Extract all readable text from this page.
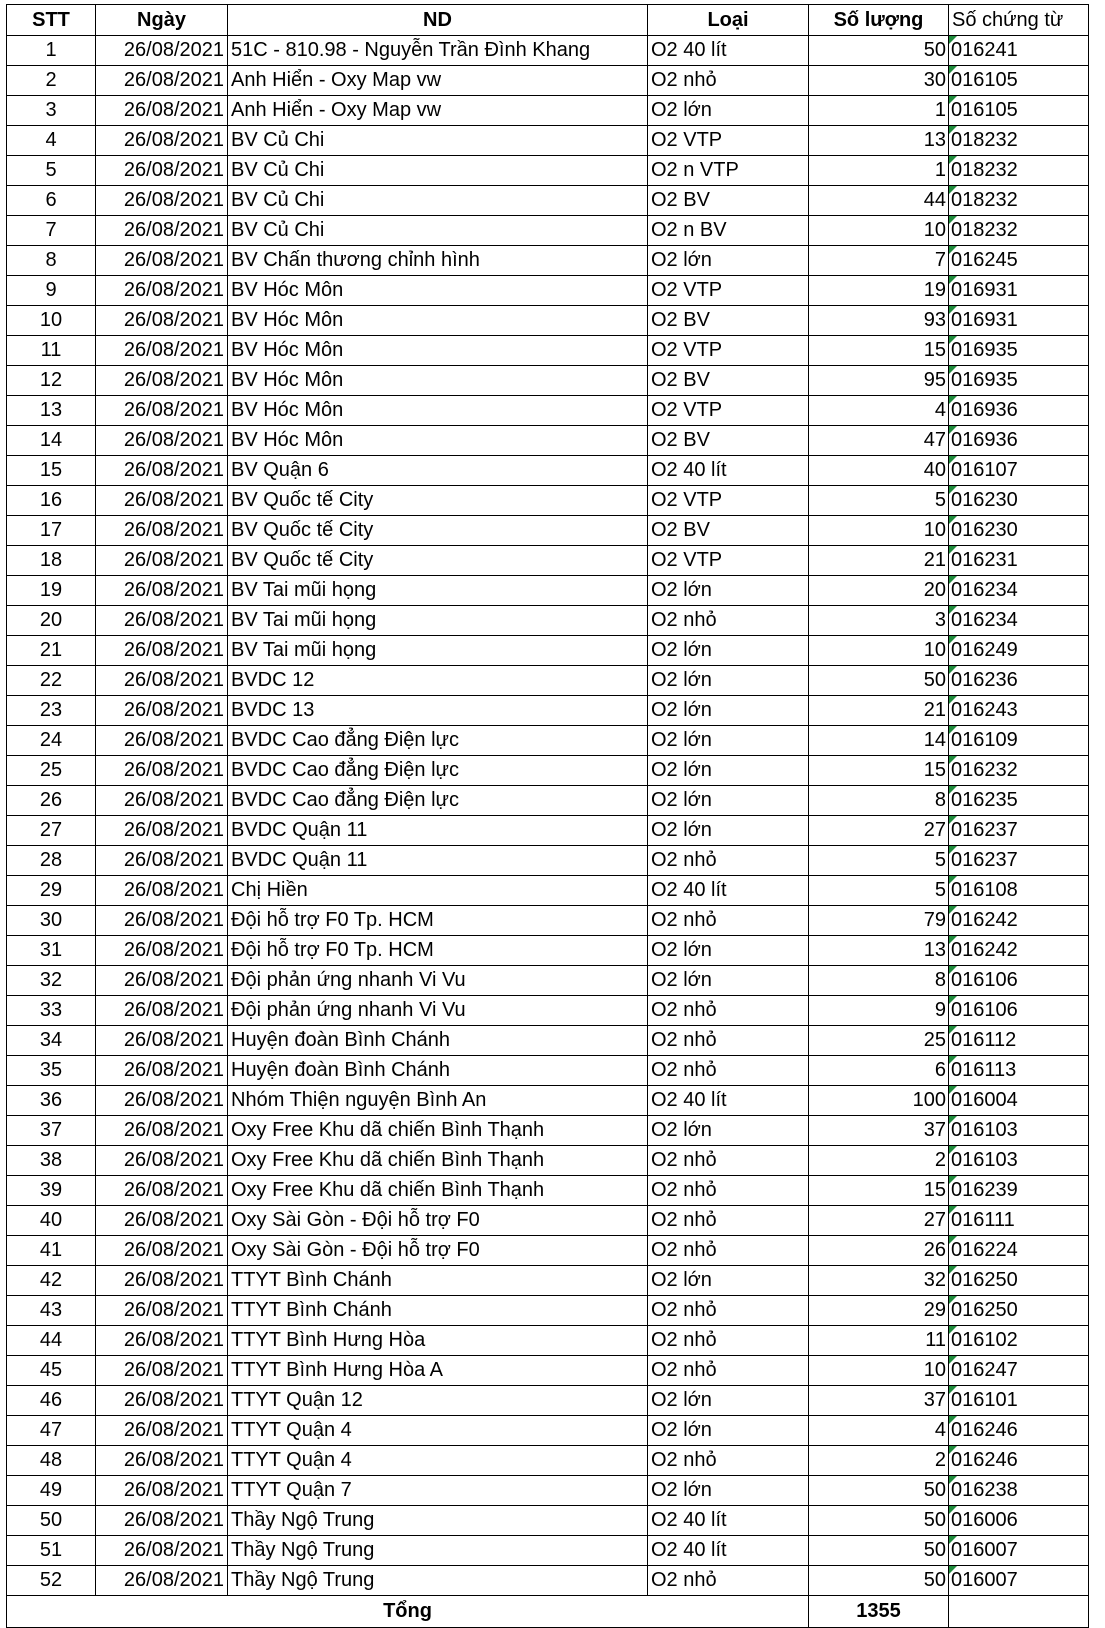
STT	Ngày	ND	Loại	Số lượng	Số chứng từ
1	26/08/2021	51C - 810.98 - Nguyễn Trần Đình Khang	O2 40 lít	50	016241
2	26/08/2021	Anh Hiển - Oxy Map vw	O2 nhỏ	30	016105
3	26/08/2021	Anh Hiển - Oxy Map vw	O2 lớn	1	016105
4	26/08/2021	BV Củ Chi	O2 VTP	13	018232
5	26/08/2021	BV Củ Chi	O2 n VTP	1	018232
6	26/08/2021	BV Củ Chi	O2 BV	44	018232
7	26/08/2021	BV Củ Chi	O2 n BV	10	018232
8	26/08/2021	BV Chấn thương chỉnh hình	O2 lớn	7	016245
9	26/08/2021	BV Hóc Môn	O2 VTP	19	016931
10	26/08/2021	BV Hóc Môn	O2 BV	93	016931
11	26/08/2021	BV Hóc Môn	O2 VTP	15	016935
12	26/08/2021	BV Hóc Môn	O2 BV	95	016935
13	26/08/2021	BV Hóc Môn	O2 VTP	4	016936
14	26/08/2021	BV Hóc Môn	O2 BV	47	016936
15	26/08/2021	BV Quận 6	O2 40 lít	40	016107
16	26/08/2021	BV Quốc tế City	O2 VTP	5	016230
17	26/08/2021	BV Quốc tế City	O2 BV	10	016230
18	26/08/2021	BV Quốc tế City	O2 VTP	21	016231
19	26/08/2021	BV Tai mũi họng	O2 lớn	20	016234
20	26/08/2021	BV Tai mũi họng	O2 nhỏ	3	016234
21	26/08/2021	BV Tai mũi họng	O2 lớn	10	016249
22	26/08/2021	BVDC 12	O2 lớn	50	016236
23	26/08/2021	BVDC 13	O2 lớn	21	016243
24	26/08/2021	BVDC Cao đẳng Điện lực	O2 lớn	14	016109
25	26/08/2021	BVDC Cao đẳng Điện lực	O2 lớn	15	016232
26	26/08/2021	BVDC Cao đẳng Điện lực	O2 lớn	8	016235
27	26/08/2021	BVDC Quận 11	O2 lớn	27	016237
28	26/08/2021	BVDC Quận 11	O2 nhỏ	5	016237
29	26/08/2021	Chị Hiền	O2 40 lít	5	016108
30	26/08/2021	Đội hỗ trợ F0 Tp. HCM	O2 nhỏ	79	016242
31	26/08/2021	Đội hỗ trợ F0 Tp. HCM	O2 lớn	13	016242
32	26/08/2021	Đội phản ứng nhanh Vi Vu	O2 lớn	8	016106
33	26/08/2021	Đội phản ứng nhanh Vi Vu	O2 nhỏ	9	016106
34	26/08/2021	Huyện đoàn Bình Chánh	O2 nhỏ	25	016112
35	26/08/2021	Huyện đoàn Bình Chánh	O2 nhỏ	6	016113
36	26/08/2021	Nhóm Thiện nguyện Bình An	O2 40 lít	100	016004
37	26/08/2021	Oxy Free Khu dã chiến Bình Thạnh	O2 lớn	37	016103
38	26/08/2021	Oxy Free Khu dã chiến Bình Thạnh	O2 nhỏ	2	016103
39	26/08/2021	Oxy Free Khu dã chiến Bình Thạnh	O2 nhỏ	15	016239
40	26/08/2021	Oxy Sài Gòn - Đội hỗ trợ F0	O2 nhỏ	27	016111
41	26/08/2021	Oxy Sài Gòn - Đội hỗ trợ F0	O2 nhỏ	26	016224
42	26/08/2021	TTYT Bình Chánh	O2 lớn	32	016250
43	26/08/2021	TTYT Bình Chánh	O2 nhỏ	29	016250
44	26/08/2021	TTYT Bình Hưng Hòa	O2 nhỏ	11	016102
45	26/08/2021	TTYT Bình Hưng Hòa A	O2 nhỏ	10	016247
46	26/08/2021	TTYT Quận 12	O2 lớn	37	016101
47	26/08/2021	TTYT Quận 4	O2 lớn	4	016246
48	26/08/2021	TTYT Quận 4	O2 nhỏ	2	016246
49	26/08/2021	TTYT Quận 7	O2 lớn	50	016238
50	26/08/2021	Thầy Ngộ Trung	O2 40 lít	50	016006
51	26/08/2021	Thầy Ngộ Trung	O2 40 lít	50	016007
52	26/08/2021	Thầy Ngộ Trung	O2 nhỏ	50	016007
Tổng				1355	
